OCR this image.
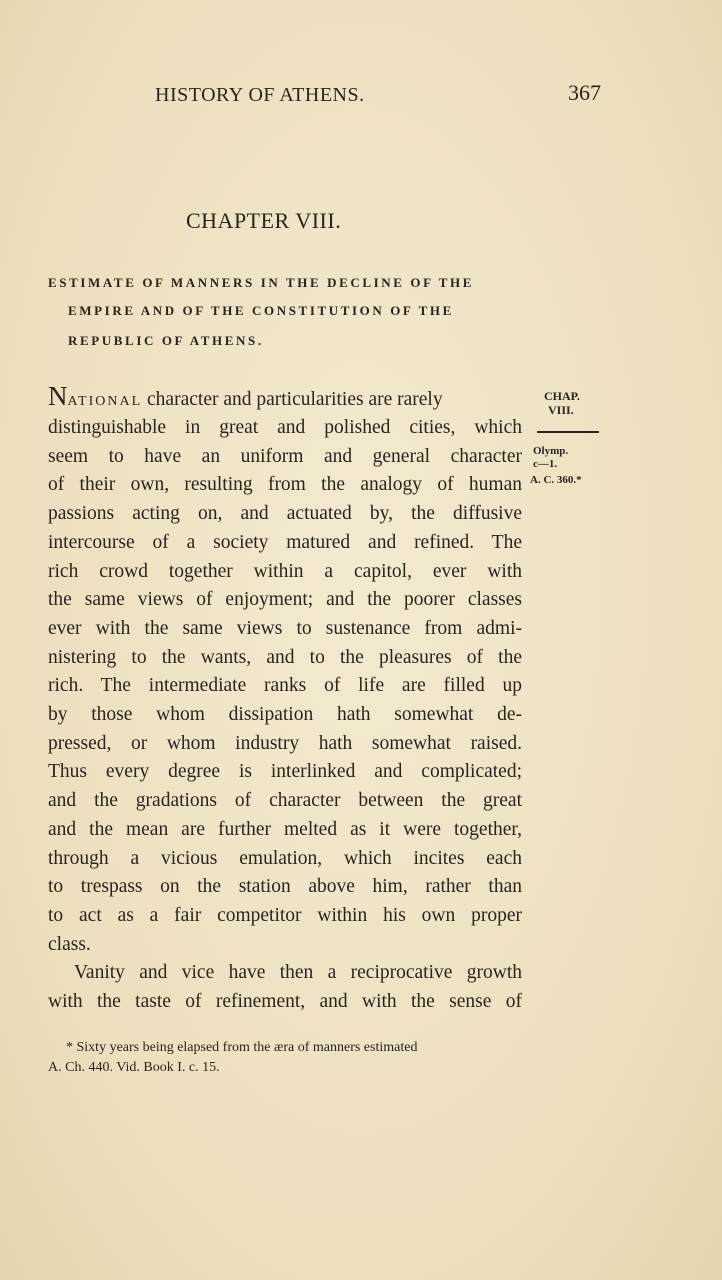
HISTORY OF ATHENS.	367
CHAPTER VIII.
ESTIMATE OF MANNERS IN THE DECLINE OF THE
EMPIRE AND OF THE CONSTITUTION OF THE
REPUBLIC OF ATHENS.
NATIONAL character and particularities are rarely
distinguishable in great and polished cities, which
seem to have an uniform and general character
of their own, resulting from the analogy of human
passions acting on, and actuated by, the diffusive
intercourse of a society matured and refined. The
rich crowd together within a capitol, ever with
the same views of enjoyment; and the poorer classes
ever with the same views to sustenance from admi-
nistering to the wants, and to the pleasures of the
rich. The intermediate ranks of life are filled up
by those whom dissipation hath somewhat de-
pressed, or whom industry hath somewhat raised.
Thus every degree is interlinked and complicated;
and the gradations of character between the great
and the mean are further melted as it were together,
through a vicious emulation, which incites each
to trespass on the station above him, rather than
to act as a fair competitor within his own proper
class.
Vanity and vice have then a reciprocative growth
with the taste of refinement, and with the sense of
CHAP.
VIII.
Olymp.
c—1.
A. C. 360.*
* Sixty years being elapsed from the æra of manners estimated
A. Ch. 440. Vid. Book I. c. 15.
